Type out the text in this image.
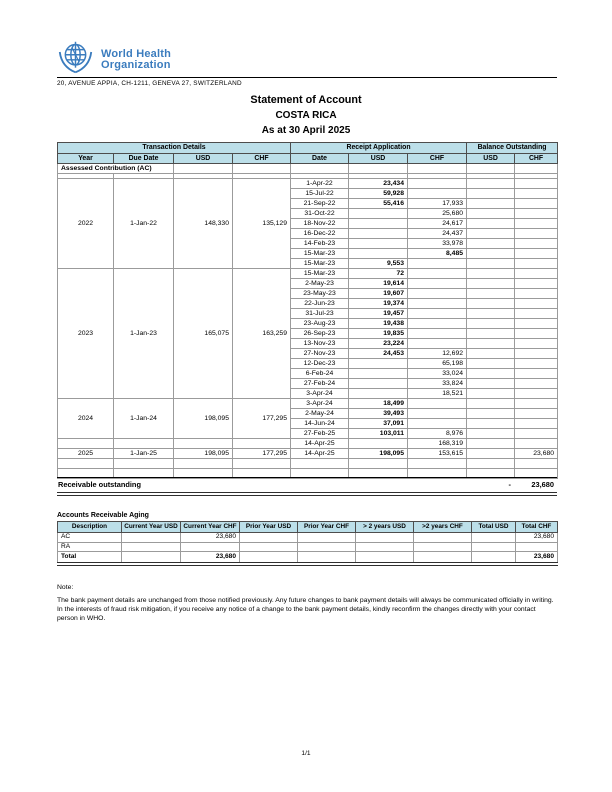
World Health
Organization
20, AVENUE APPIA, CH-1211, GENEVA 27, SWITZERLAND
Statement of Account
COSTA RICA
As at 30 April 2025
Transaction Details				Receipt Application			Balance Outstanding	
Year	Due Date	USD	CHF	Date	USD	CHF	USD	CHF
Assessed Contribution (AC)								

2022	1-Jan-22	148,330	135,129	1-Apr-22	23,434			
				15-Jul-22	59,928			
				21-Sep-22	55,416	17,933		
				31-Oct-22		25,680		
				18-Nov-22		24,617		
				16-Dec-22		24,437		
				14-Feb-23		33,978		
				15-Mar-23		8,485		
				15-Mar-23	9,553			
2023	1-Jan-23	165,075	163,259	15-Mar-23	72			
				2-May-23	19,614			
				23-May-23	19,607			
				22-Jun-23	19,374			
				31-Jul-23	19,457			
				23-Aug-23	19,438			
				26-Sep-23	19,835			
				13-Nov-23	23,224			
				27-Nov-23	24,453	12,692		
				12-Dec-23		65,198		
				6-Feb-24		33,024		
				27-Feb-24		33,824		
				3-Apr-24		18,521		
2024	1-Jan-24	198,095	177,295	3-Apr-24	18,499			
				2-May-24	39,493			
				14-Jun-24	37,091			
				27-Feb-25	103,011	8,976		
				14-Apr-25		168,319		
2025	1-Jan-25	198,095	177,295	14-Apr-25	198,095	153,615		23,680

Receivable outstanding	-	23,680
Accounts Receivable Aging
Description	Current Year USD	Current Year CHF	Prior Year USD	Prior Year CHF	> 2 years USD	>2 years CHF	Total USD	Total CHF
AC		23,680						23,680
RA								
Total		23,680						23,680
Note:
The bank payment details are unchanged from those notified previously. Any future changes to bank payment details will always be communicated officially in writing. In the interests of fraud risk mitigation, if you receive any notice of a change to the bank payment details, kindly reconfirm the changes directly with your contact person in WHO.
1/1
